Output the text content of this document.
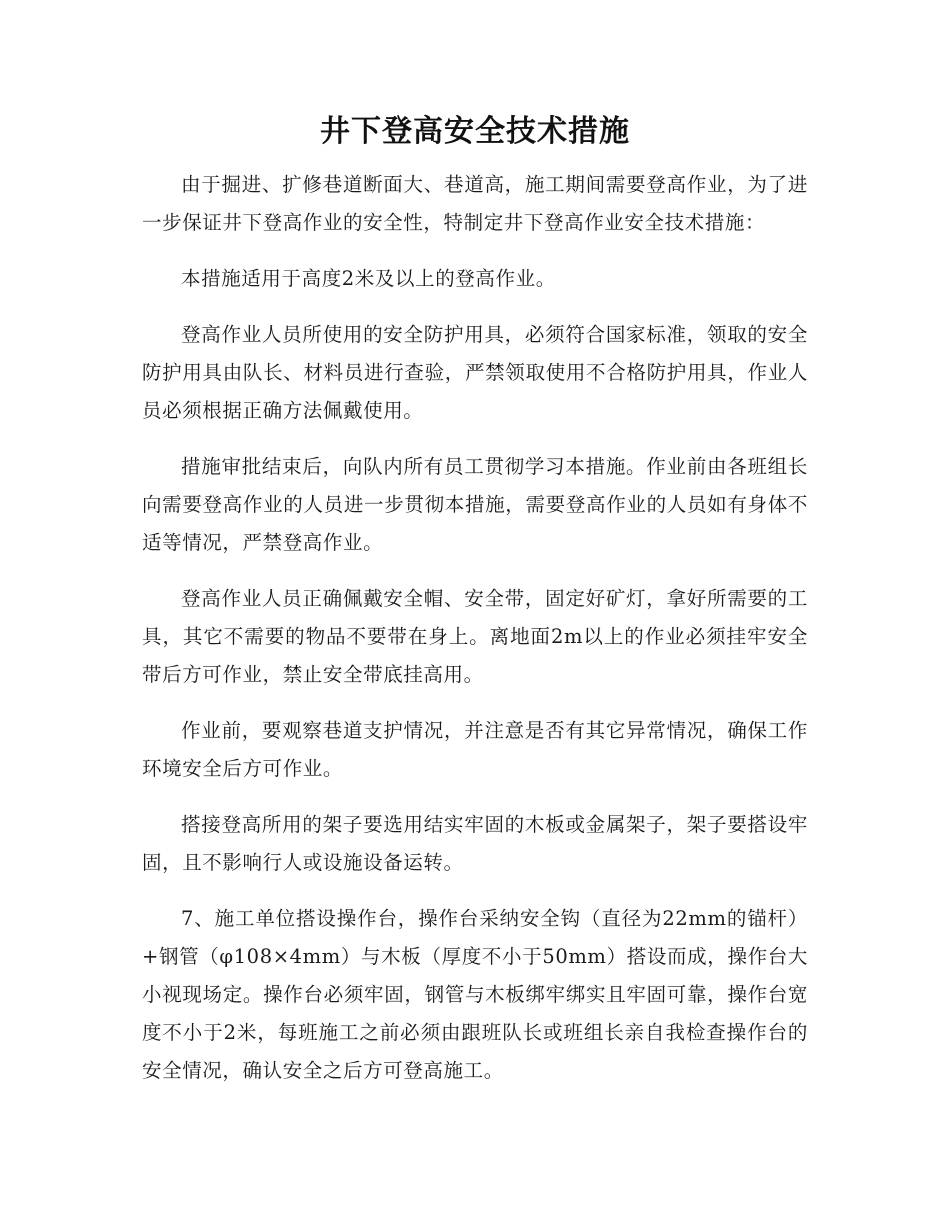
井下登高安全技术措施

由于掘进、扩修巷道断面大、巷道高，施工期间需要登高作业，为了进一步保证井下登高作业的安全性，特制定井下登高作业安全技术措施：

本措施适用于高度2米及以上的登高作业。

登高作业人员所使用的安全防护用具，必须符合国家标准，领取的安全防护用具由队长、材料员进行查验，严禁领取使用不合格防护用具，作业人员必须根据正确方法佩戴使用。

措施审批结束后，向队内所有员工贯彻学习本措施。作业前由各班组长向需要登高作业的人员进一步贯彻本措施，需要登高作业的人员如有身体不适等情况，严禁登高作业。

登高作业人员正确佩戴安全帽、安全带，固定好矿灯，拿好所需要的工具，其它不需要的物品不要带在身上。离地面2m以上的作业必须挂牢安全带后方可作业，禁止安全带底挂高用。

作业前，要观察巷道支护情况，并注意是否有其它异常情况，确保工作环境安全后方可作业。

搭接登高所用的架子要选用结实牢固的木板或金属架子，架子要搭设牢固，且不影响行人或设施设备运转。

7、施工单位搭设操作台，操作台采纳安全钩（直径为22mm的锚杆）+钢管（φ108×4mm）与木板（厚度不小于50mm）搭设而成，操作台大小视现场定。操作台必须牢固，钢管与木板绑牢绑实且牢固可靠，操作台宽度不小于2米，每班施工之前必须由跟班队长或班组长亲自我检查操作台的安全情况，确认安全之后方可登高施工。
